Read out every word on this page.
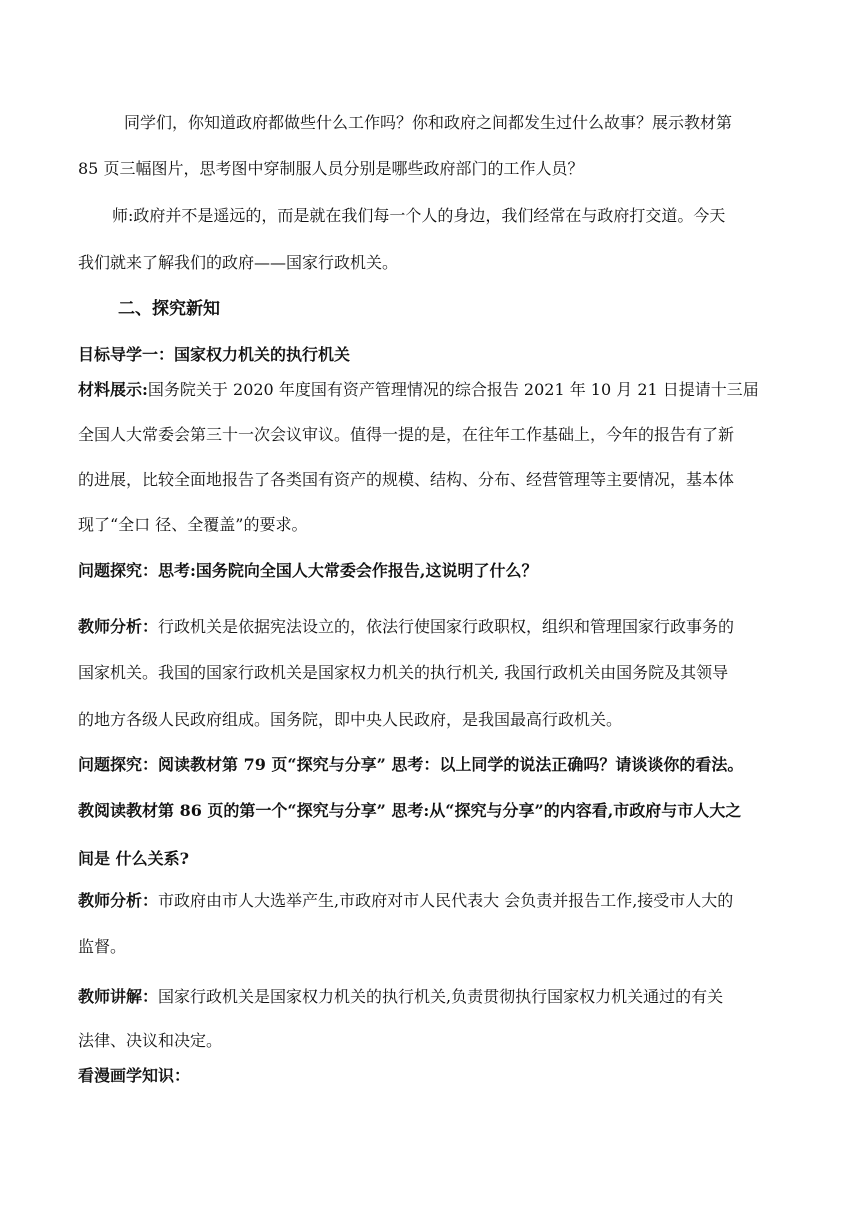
同学们，你知道政府都做些什么工作吗？你和政府之间都发生过什么故事？展示教材第
85 页三幅图片，思考图中穿制服人员分别是哪些政府部门的工作人员？
师:政府并不是遥远的，而是就在我们每一个人的身边，我们经常在与政府打交道。今天
我们就来了解我们的政府——国家行政机关。
二、探究新知
目标导学一：国家权力机关的执行机关
材料展示:国务院关于 2020 年度国有资产管理情况的综合报告 2021 年 10 月 21 日提请十三届
全国人大常委会第三十一次会议审议。值得一提的是，在往年工作基础上，今年的报告有了新
的进展，比较全面地报告了各类国有资产的规模、结构、分布、经营管理等主要情况，基本体
现了“全口 径、全覆盖”的要求。
问题探究：思考:国务院向全国人大常委会作报告,这说明了什么？
教师分析：行政机关是依据宪法设立的，依法行使国家行政职权，组织和管理国家行政事务的
国家机关。我国的国家行政机关是国家权力机关的执行机关, 我国行政机关由国务院及其领导
的地方各级人民政府组成。国务院，即中央人民政府，是我国最高行政机关。
问题探究：阅读教材第 79 页“探究与分享” 思考：以上同学的说法正确吗？请谈谈你的看法。
教阅读教材第 86 页的第一个“探究与分享” 思考:从“探究与分享”的内容看,市政府与市人大之
间是 什么关系?
教师分析：市政府由市人大选举产生,市政府对市人民代表大 会负责并报告工作,接受市人大的
监督。
教师讲解：国家行政机关是国家权力机关的执行机关,负责贯彻执行国家权力机关通过的有关
法律、决议和决定。
看漫画学知识：
